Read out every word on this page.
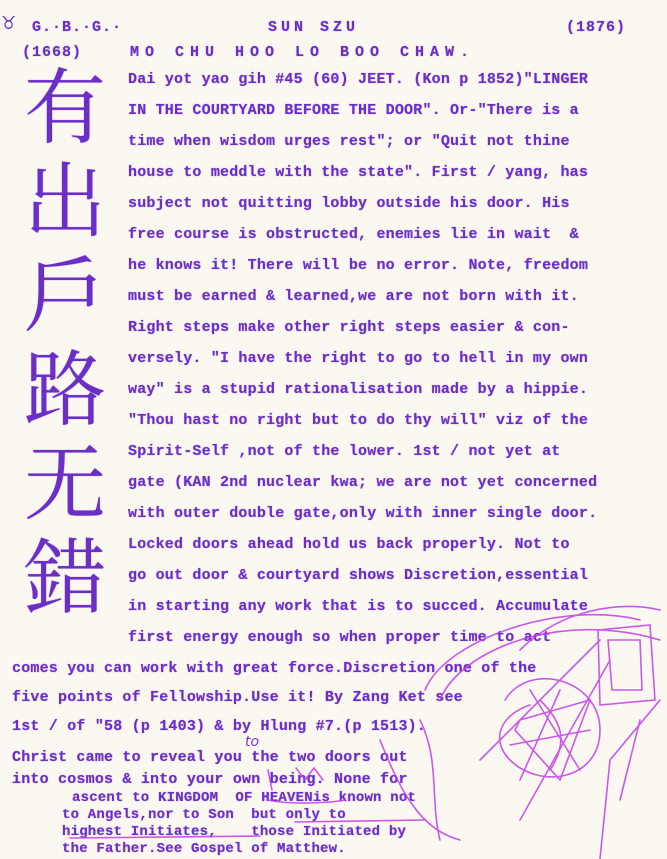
♉ G.·B.·G.·	SUN SZU	(1876)
(1668)	MO CHU HOO LO BOO CHAW.
有
出
戶
路
无
錯
Dai yot yao gih #45 (60) JEET. (Kon p 1852)"LINGER
IN THE COURTYARD BEFORE THE DOOR". Or-"There is a
time when wisdom urges rest"; or "Quit not thine
house to meddle with the state". First / yang, has
subject not quitting lobby outside his door. His
free course is obstructed, enemies lie in wait  &
he knows it! There will be no error. Note, freedom
must be earned & learned,we are not born with it.
Right steps make other right steps easier & con-
versely. "I have the right to go to hell in my own
way" is a stupid rationalisation made by a hippie.
"Thou hast no right but to do thy will" viz of the
Spirit-Self ,not of the lower. 1st / not yet at
gate (KAN 2nd nuclear kwa; we are not yet concerned
with outer double gate,only with inner single door.
Locked doors ahead hold us back properly. Not to
go out door & courtyard shows Discretion,essential
in starting any work that is to succed. Accumulate
first energy enough so when proper time to act
comes you can work with great force.Discretion one of the
five points of Fellowship.Use it! By Zang Ket see
1st / of "58 (p 1403) & by Hlung #7.(p 1513).
to
Christ came to reveal you the two doors out
into cosmos & into your own being. None for
ascent to KINGDOM  OF HEAVENis known not
to Angels,nor to Son  but only to
highest Initiates,    those Initiated by
the Father.See Gospel of Matthew.
